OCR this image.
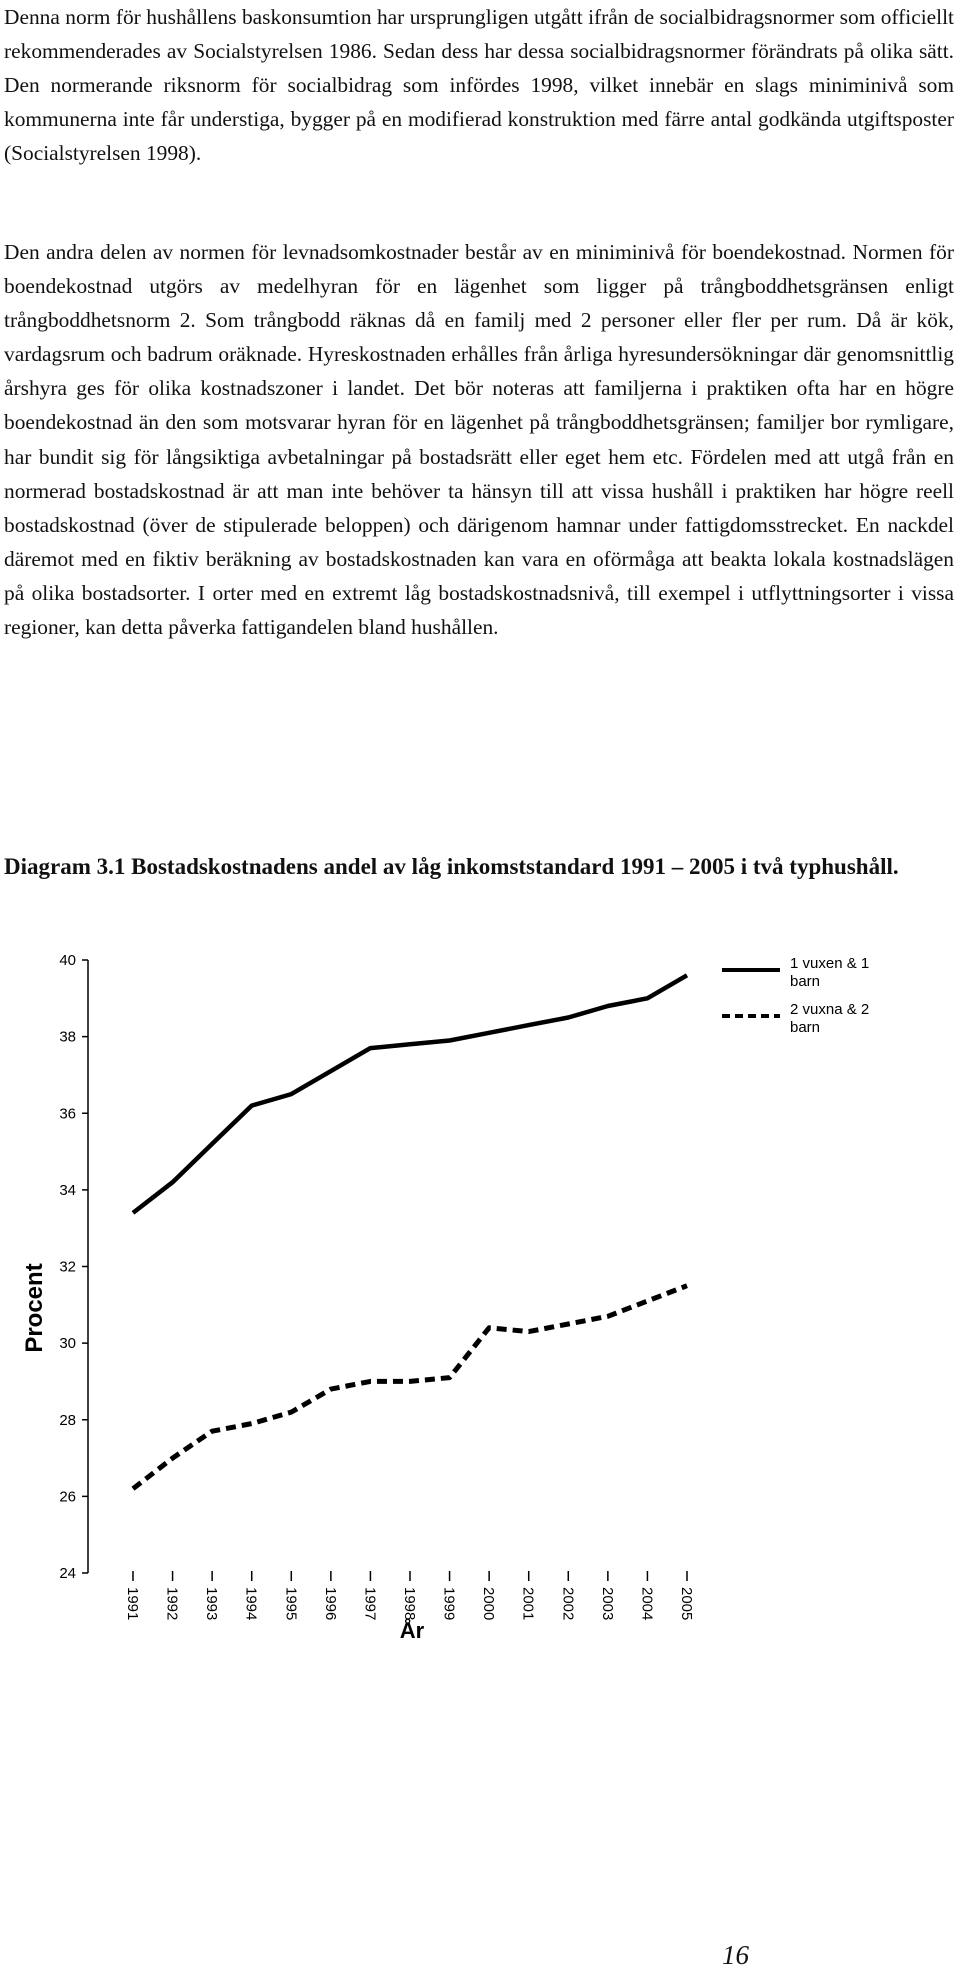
Denna norm för hushållens baskonsumtion har ursprungligen utgått ifrån de socialbidragsnormer som officiellt rekommenderades av Socialstyrelsen 1986. Sedan dess har dessa socialbidragsnormer förändrats på olika sätt. Den normerande riksnorm för socialbidrag som infördes 1998, vilket innebär en slags miniminivå som kommunerna inte får understiga, bygger på en modifierad konstruktion med färre antal godkända utgiftsposter (Socialstyrelsen 1998).

Den andra delen av normen för levnadsomkostnader består av en miniminivå för boendekostnad. Normen för boendekostnad utgörs av medelhyran för en lägenhet som ligger på trångboddhetsgränsen enligt trångboddhetsnorm 2. Som trångbodd räknas då en familj med 2 personer eller fler per rum. Då är kök, vardagsrum och badrum oräknade. Hyreskostnaden erhålles från årliga hyresundersökningar där genomsnittlig årshyra ges för olika kostnadszoner i landet. Det bör noteras att familjerna i praktiken ofta har en högre boendekostnad än den som motsvarar hyran för en lägenhet på trångboddhetsgränsen; familjer bor rymligare, har bundit sig för långsiktiga avbetalningar på bostadsrätt eller eget hem etc. Fördelen med att utgå från en normerad bostadskostnad är att man inte behöver ta hänsyn till att vissa hushåll i praktiken har högre reell bostadskostnad (över de stipulerade beloppen) och därigenom hamnar under fattigdomsstrecket. En nackdel däremot med en fiktiv beräkning av bostadskostnaden kan vara en oförmåga att beakta lokala kostnadslägen på olika bostadsorter. I orter med en extremt låg bostadskostnadsnivå, till exempel i utflyttningsorter i vissa regioner, kan detta påverka fattigandelen bland hushållen.

Diagram 3.1 Bostadskostnadens andel av låg inkomststandard 1991 – 2005 i två typhushåll.

24
26
28
30
32
34
36
38
40
1991 1992 1993 1994 1995 1996 1997 1998 1999 2000 2001 2002 2003 2004 2005
1 vuxen & 1 barn
2 vuxna & 2 barn
Procent
År
16
